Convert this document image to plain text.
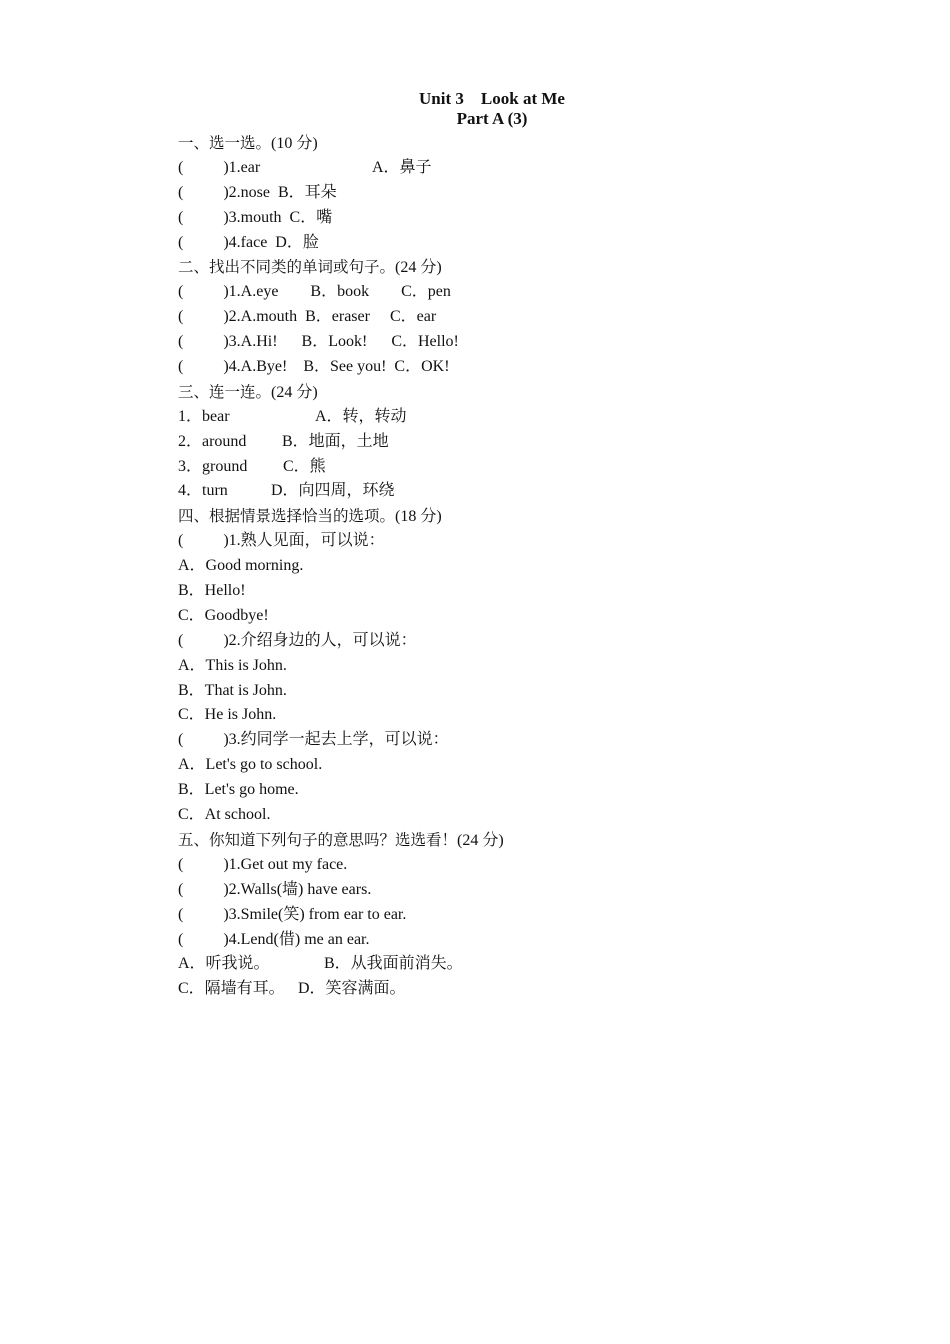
Unit 3　Look at Me
Part A (3)
一、选一选。(10 分)
(	)1.ear	A．鼻子
(	)2.nose  B．耳朵
(	)3.mouth  C．嘴
(	)4.face  D．脸
二、找出不同类的单词或句子。(24 分)
(	)1.A.eye　    B．book　    C．pen
(	)2.A.mouth  B．eraser　 C．ear
(	)3.A.Hi!　  B．Look!　  C．Hello!
(	)4.A.Bye!　B．See you!  C．OK!
三、连一连。(24 分)
1．bear	A．转，转动
2．around B．地面，土地
3．ground C．熊
4．turn	D．向四周，环绕
四、根据情景选择恰当的选项。(18 分)
(	)1.熟人见面，可以说：
A．Good morning.
B．Hello!
C．Goodbye!
(	)2.介绍身边的人，可以说：
A．This is John.
B．That is John.
C．He is John.
(	)3.约同学一起去上学，可以说：
A．Let's go to school.
B．Let's go home.
C．At school.
五、你知道下列句子的意思吗？选选看！(24 分)
(	)1.Get out my face.
(	)2.Walls(墙) have ears.
(	)3.Smile(笑) from ear to ear.
(	)4.Lend(借) me an ear.
A．听我说。	B．从我面前消失。
C．隔墙有耳。 D．笑容满面。
